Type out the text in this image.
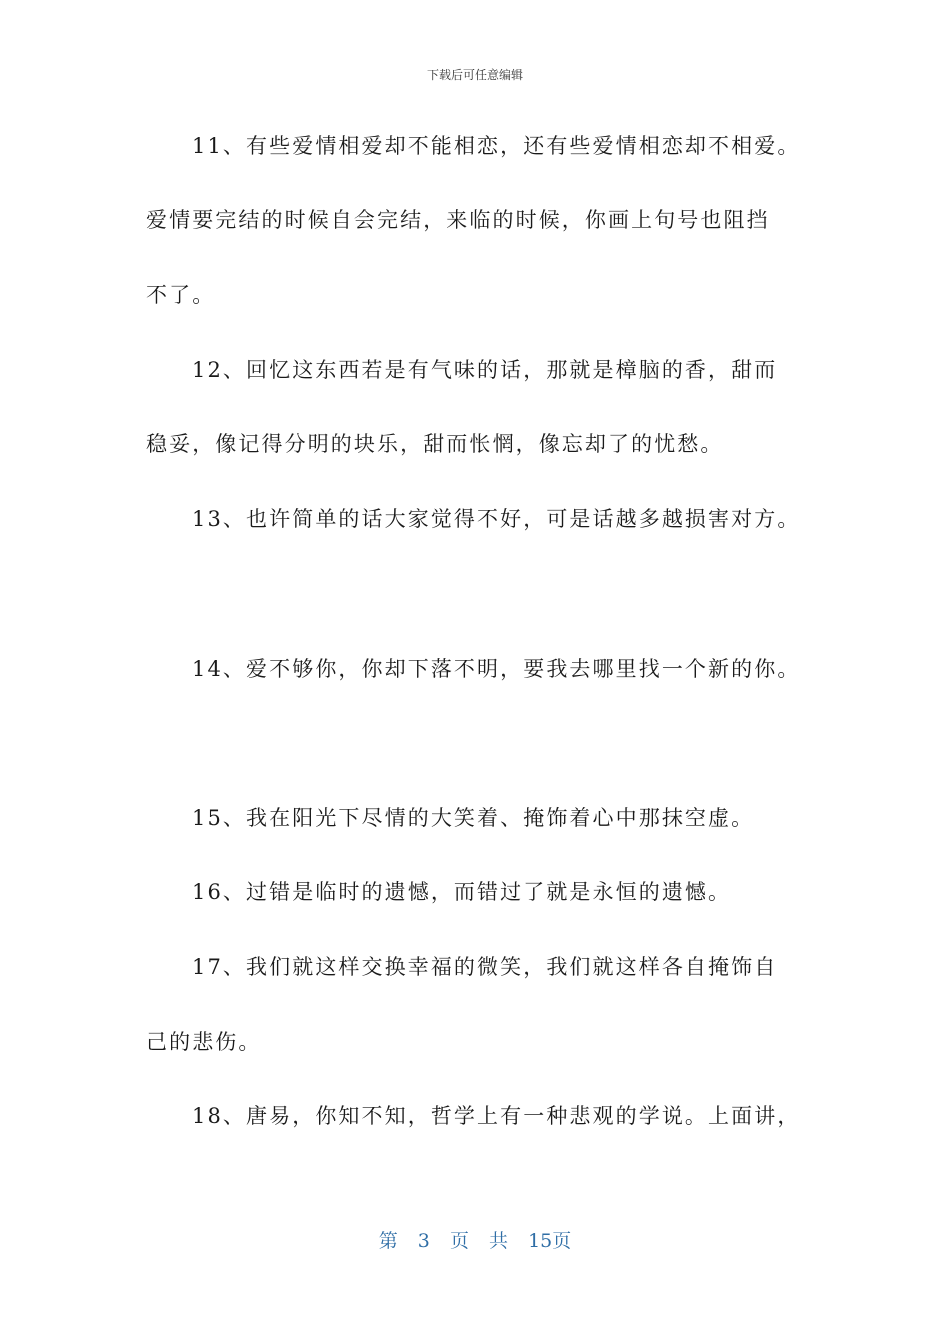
下载后可任意编辑
11、有些爱情相爱却不能相恋，还有些爱情相恋却不相爱。
爱情要完结的时候自会完结，来临的时候，你画上句号也阻挡
不了。
12、回忆这东西若是有气味的话，那就是樟脑的香，甜而
稳妥，像记得分明的块乐，甜而怅惘，像忘却了的忧愁。
13、也许简单的话大家觉得不好，可是话越多越损害对方。
14、爱不够你，你却下落不明，要我去哪里找一个新的你。
15、我在阳光下尽情的大笑着、掩饰着心中那抹空虚。
16、过错是临时的遗憾，而错过了就是永恒的遗憾。
17、我们就这样交换幸福的微笑，我们就这样各自掩饰自
己的悲伤。
18、唐易，你知不知，哲学上有一种悲观的学说。上面讲，
第 3 页 共 15页
